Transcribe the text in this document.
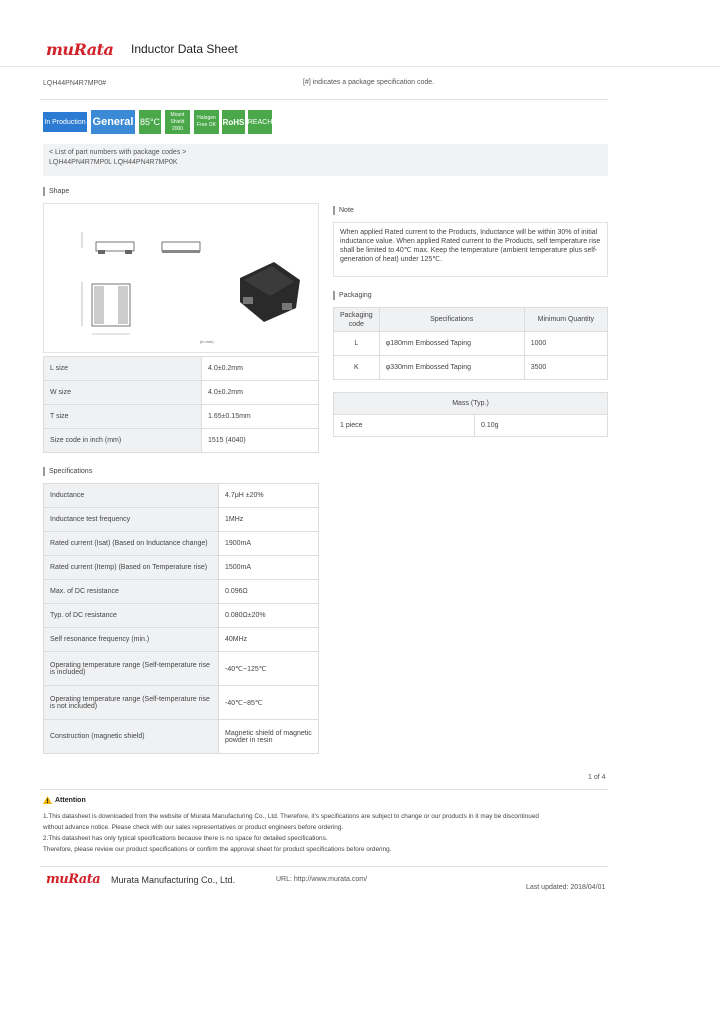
muRata Inductor Data Sheet
LQH44PN4R7MP0#	[#] indicates a package specification code.
In Production General 85°C
Mount Shield 2000
Halogen Free OK RoHS REACH
< List of part numbers with package codes >
LQH44PN4R7MP0L LQH44PN4R7MP0K
Shape
(in mm)
L size	4.0±0.2mm
W size	4.0±0.2mm
T size	1.65±0.15mm
Size code in inch (mm)	1515 (4040)
Specifications
Inductance	4.7μH ±20%
Inductance test frequency	1MHz
Rated current (Isat) (Based on Inductance change)	1900mA
Rated current (Itemp) (Based on Temperature rise)	1500mA
Max. of DC resistance	0.096Ω
Typ. of DC resistance	0.080Ω±20%
Self resonance frequency (min.)	40MHz
Operating temperature range (Self-temperature rise is included)	-40℃~125℃
Operating temperature range (Self-temperature rise is not included)	-40℃~85℃
Construction (magnetic shield)	Magnetic shield of magnetic powder in resin
Note
When applied Rated current to the Products, Inductance will be within 30% of initial inductance value. When applied Rated current to the Products, self temperature rise shall be limited to 40℃ max. Keep the temperature (ambient temperature plus self-generation of heat) under 125℃.
Packaging
Packaging code	Specifications	Minimum Quantity
L	φ180mm Embossed Taping	1000
K	φ330mm Embossed Taping	3500
Mass (Typ.)
1 piece	0.10g
1 of 4
Attention
1.This datasheet is downloaded from the website of Murata Manufacturing Co., Ltd. Therefore, it's specifications are subject to change or our products in it may be discontinued
without advance notice. Please check with our sales representatives or product engineers before ordering.
2.This datasheet has only typical specifications because there is no space for detailed specifications.
Therefore, please review our product specifications or confirm the approval sheet for product specifications before ordering.
muRata Murata Manufacturing Co., Ltd.	URL: http://www.murata.com/
Last updated: 2018/04/01
